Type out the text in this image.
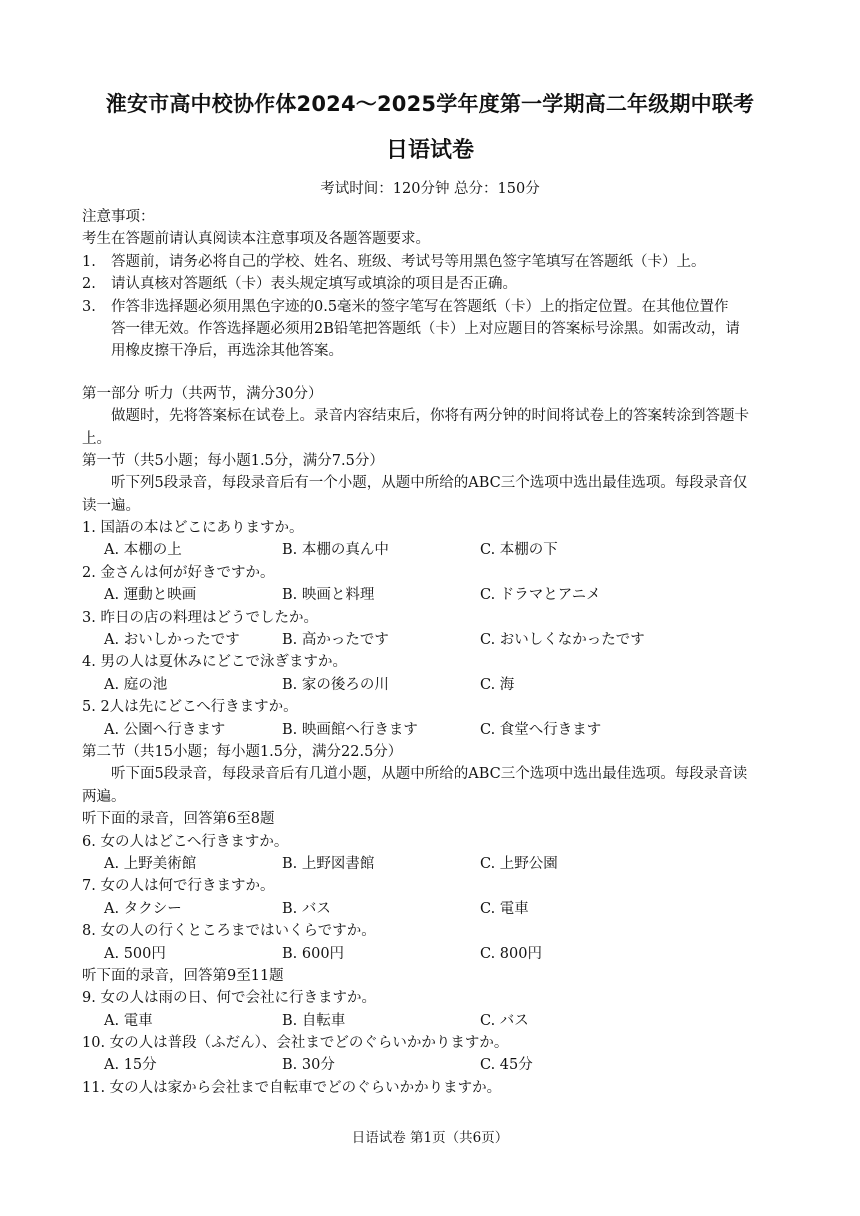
淮安市高中校协作体2024～2025学年度第一学期高二年级期中联考
日语试卷
考试时间：120分钟 总分：150分
注意事项：
考生在答题前请认真阅读本注意事项及各题答题要求。
1. 答题前，请务必将自己的学校、姓名、班级、考试号等用黑色签字笔填写在答题纸（卡）上。
2. 请认真核对答题纸（卡）表头规定填写或填涂的项目是否正确。
3. 作答非选择题必须用黑色字迹的0.5毫米的签字笔写在答题纸（卡）上的指定位置。在其他位置作
答一律无效。作答选择题必须用2B铅笔把答题纸（卡）上对应题目的答案标号涂黑。如需改动，请
用橡皮擦干净后，再选涂其他答案。
第一部分 听力（共两节，满分30分）
做题时，先将答案标在试卷上。录音内容结束后，你将有两分钟的时间将试卷上的答案转涂到答题卡
上。
第一节（共5小题；每小题1.5分，满分7.5分）
听下列5段录音，每段录音后有一个小题，从题中所给的ABC三个选项中选出最佳选项。每段录音仅
读一遍。
1. 国語の本はどこにありますか。
A. 本棚の上	B. 本棚の真ん中	C. 本棚の下
2. 金さんは何が好きですか。
A. 運動と映画	B. 映画と料理	C. ドラマとアニメ
3. 昨日の店の料理はどうでしたか。
A. おいしかったです	B. 高かったです	C. おいしくなかったです
4. 男の人は夏休みにどこで泳ぎますか。
A. 庭の池	B. 家の後ろの川	C. 海
5. 2人は先にどこへ行きますか。
A. 公園へ行きます	B. 映画館へ行きます	C. 食堂へ行きます
第二节（共15小题；每小题1.5分，满分22.5分）
听下面5段录音，每段录音后有几道小题，从题中所给的ABC三个选项中选出最佳选项。每段录音读
两遍。
听下面的录音，回答第6至8题
6. 女の人はどこへ行きますか。
A. 上野美術館	B. 上野図書館	C. 上野公園
7. 女の人は何で行きますか。
A. タクシー	B. バス	C. 電車
8. 女の人の行くところまではいくらですか。
A. 500円	B. 600円	C. 800円
听下面的录音，回答第9至11题
9. 女の人は雨の日、何で会社に行きますか。
A. 電車	B. 自転車	C. バス
10. 女の人は普段（ふだん）、会社までどのぐらいかかりますか。
A. 15分	B. 30分	C. 45分
11. 女の人は家から会社まで自転車でどのぐらいかかりますか。
日语试卷 第1页（共6页）
